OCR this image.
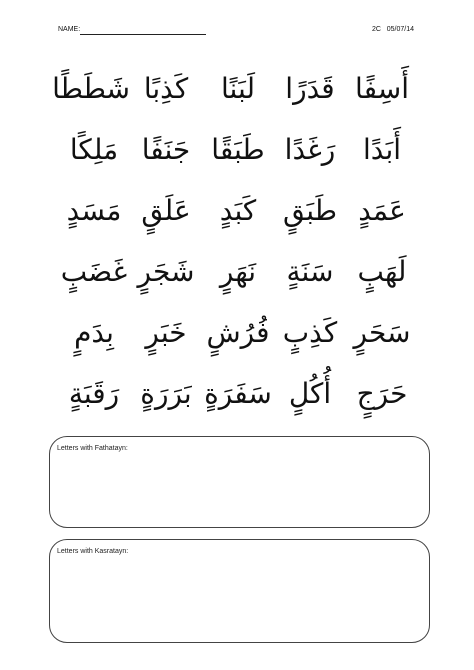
NAME:	2C 05/07/14
أَسِفًا
قَدَرًا
لَبَنًا
كَذِبًا
شَطَطًا
أَبَدًا
رَغَدًا
طَبَقًا
جَنَفًا
مَلِكًا
عَمَدٍ
طَبَقٍ
كَبَدٍ
عَلَقٍ
مَسَدٍ
لَهَبٍ
سَنَةٍ
نَهَرٍ
شَجَرٍ
غَضَبٍ
سَحَرٍ
كَذِبٍ
فُرُشٍ
خَبَرٍ
بِدَمٍ
حَرَجٍ
أُكُلٍ
سَفَرَةٍ
بَرَرَةٍ
رَقَبَةٍ
Letters with Fathatayn:
Letters with Kasratayn:
